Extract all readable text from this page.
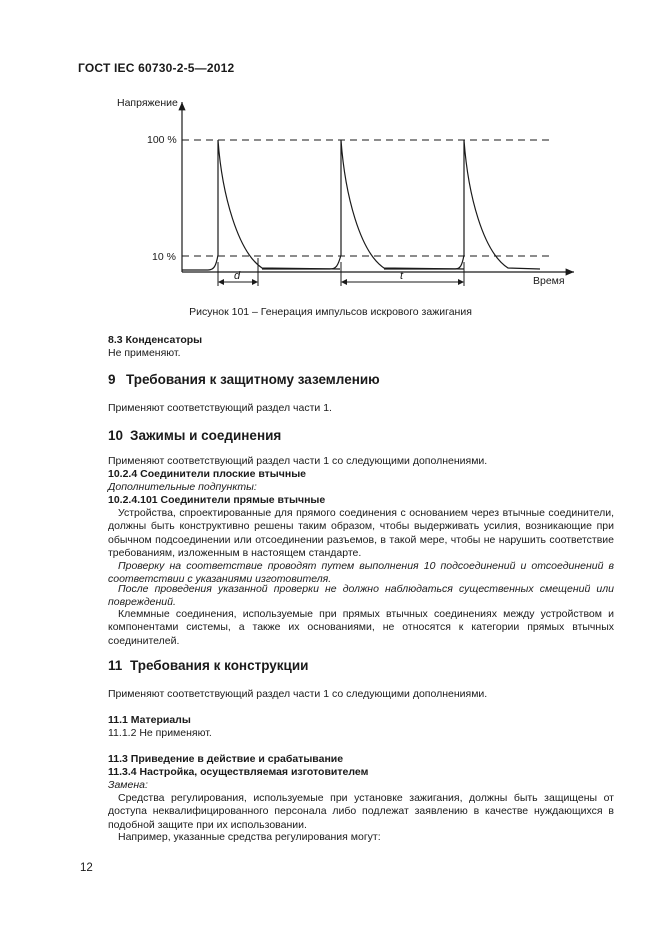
ГОСТ IEC 60730-2-5—2012
Напряжение
100 %
10 %
Время
d	t
Рисунок 101 – Генерация импульсов искрового зажигания
8.3 Конденсаторы
Не применяют.
9 Требования к защитному заземлению
Применяют соответствующий раздел части 1.
10 Зажимы и соединения
Применяют соответствующий раздел части 1 со следующими дополнениями.
10.2.4 Соединители плоские втычные
Дополнительные подпункты:
10.2.4.101 Соединители прямые втычные
Устройства, спроектированные для прямого соединения с основанием через втычные соединители, должны быть конструктивно решены таким образом, чтобы выдерживать усилия, возникающие при обычном подсоединении или отсоединении разъемов, в такой мере, чтобы не нарушить соответствие требованиям, изложенным в настоящем стандарте.
Проверку на соответствие проводят путем выполнения 10 подсоединений и отсоединений в соответствии с указаниями изготовителя.
После проведения указанной проверки не должно наблюдаться существенных смещений или повреждений.
Клеммные соединения, используемые при прямых втычных соединениях между устройством и компонентами системы, а также их основаниями, не относятся к категории прямых втычных соединителей.
11 Требования к конструкции
Применяют соответствующий раздел части 1 со следующими дополнениями.
11.1 Материалы
11.1.2 Не применяют.
11.3 Приведение в действие и срабатывание
11.3.4 Настройка, осуществляемая изготовителем
Замена:
Средства регулирования, используемые при установке зажигания, должны быть защищены от доступа неквалифицированного персонала либо подлежат заявлению в качестве нуждающихся в подобной защите при их использовании.
Например, указанные средства регулирования могут:
12
